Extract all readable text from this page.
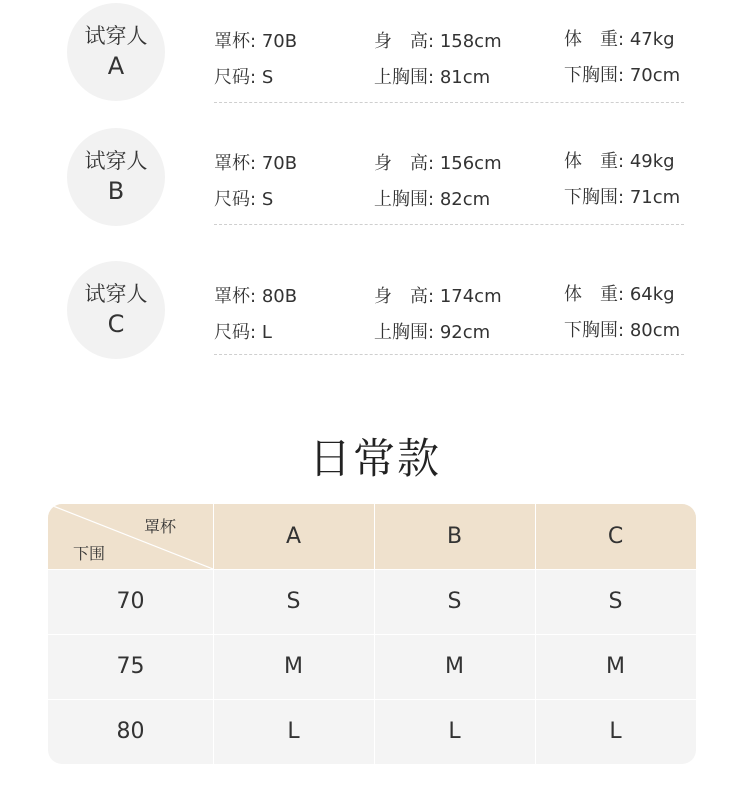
试穿人
A
罩杯: 70B	身　高: 158cm	体　重: 47kg
尺码: S	上胸围: 81cm	下胸围: 70cm
试穿人
B
罩杯: 70B	身　高: 156cm	体　重: 49kg
尺码: S	上胸围: 82cm	下胸围: 71cm
试穿人
C
罩杯: 80B	身　高: 174cm	体　重: 64kg
尺码: L	上胸围: 92cm	下胸围: 80cm
日常款
罩杯
下围
A	B	C
70	S	S	S
75	M	M	M
80	L	L	L
